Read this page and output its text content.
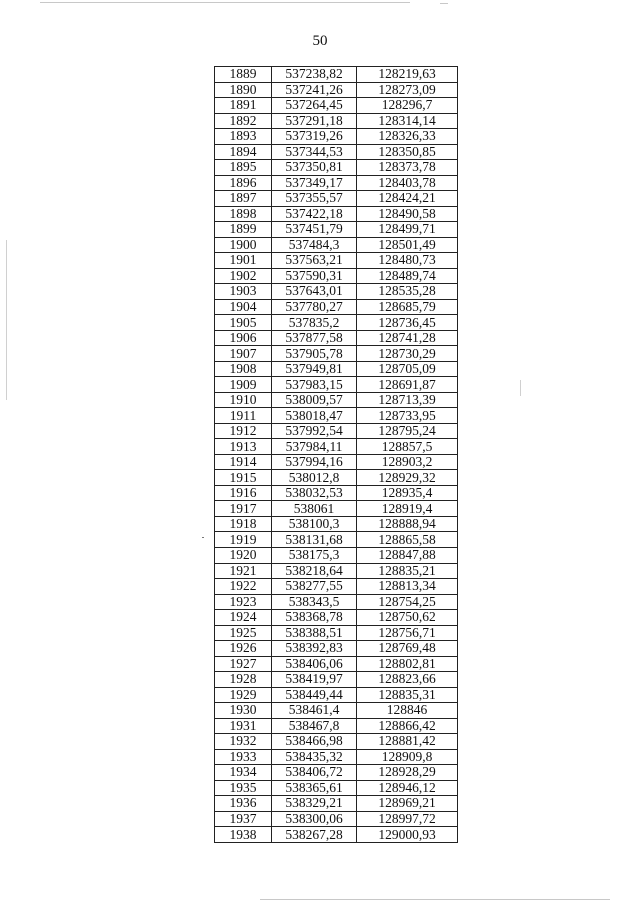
50
1889	537238,82	128219,63
1890	537241,26	128273,09
1891	537264,45	128296,7
1892	537291,18	128314,14
1893	537319,26	128326,33
1894	537344,53	128350,85
1895	537350,81	128373,78
1896	537349,17	128403,78
1897	537355,57	128424,21
1898	537422,18	128490,58
1899	537451,79	128499,71
1900	537484,3	128501,49
1901	537563,21	128480,73
1902	537590,31	128489,74
1903	537643,01	128535,28
1904	537780,27	128685,79
1905	537835,2	128736,45
1906	537877,58	128741,28
1907	537905,78	128730,29
1908	537949,81	128705,09
1909	537983,15	128691,87
1910	538009,57	128713,39
1911	538018,47	128733,95
1912	537992,54	128795,24
1913	537984,11	128857,5
1914	537994,16	128903,2
1915	538012,8	128929,32
1916	538032,53	128935,4
1917	538061	128919,4
1918	538100,3	128888,94
1919	538131,68	128865,58
1920	538175,3	128847,88
1921	538218,64	128835,21
1922	538277,55	128813,34
1923	538343,5	128754,25
1924	538368,78	128750,62
1925	538388,51	128756,71
1926	538392,83	128769,48
1927	538406,06	128802,81
1928	538419,97	128823,66
1929	538449,44	128835,31
1930	538461,4	128846
1931	538467,8	128866,42
1932	538466,98	128881,42
1933	538435,32	128909,8
1934	538406,72	128928,29
1935	538365,61	128946,12
1936	538329,21	128969,21
1937	538300,06	128997,72
1938	538267,28	129000,93
